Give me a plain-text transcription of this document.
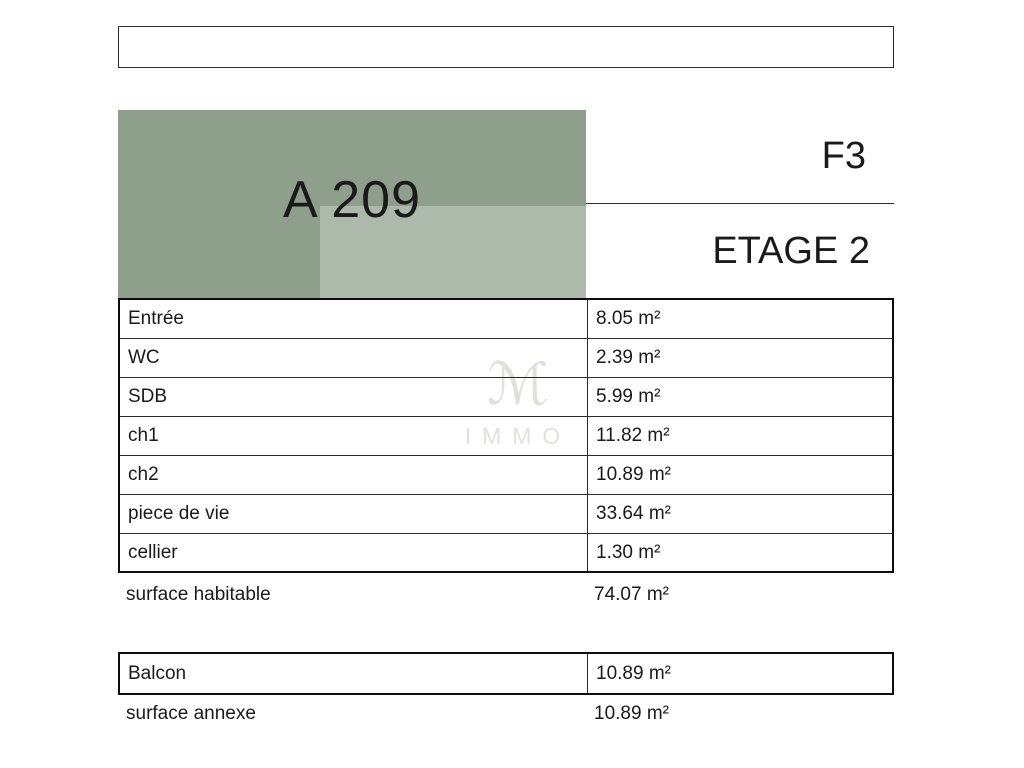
A 209
F3
ETAGE 2
ℳ
IMMO
Entrée	8.05 m²
WC	2.39 m²
SDB	5.99 m²
ch1	11.82 m²
ch2	10.89 m²
piece de vie	33.64 m²
cellier	1.30 m²
surface habitable	74.07 m²
Balcon	10.89 m²
surface annexe	10.89 m²
